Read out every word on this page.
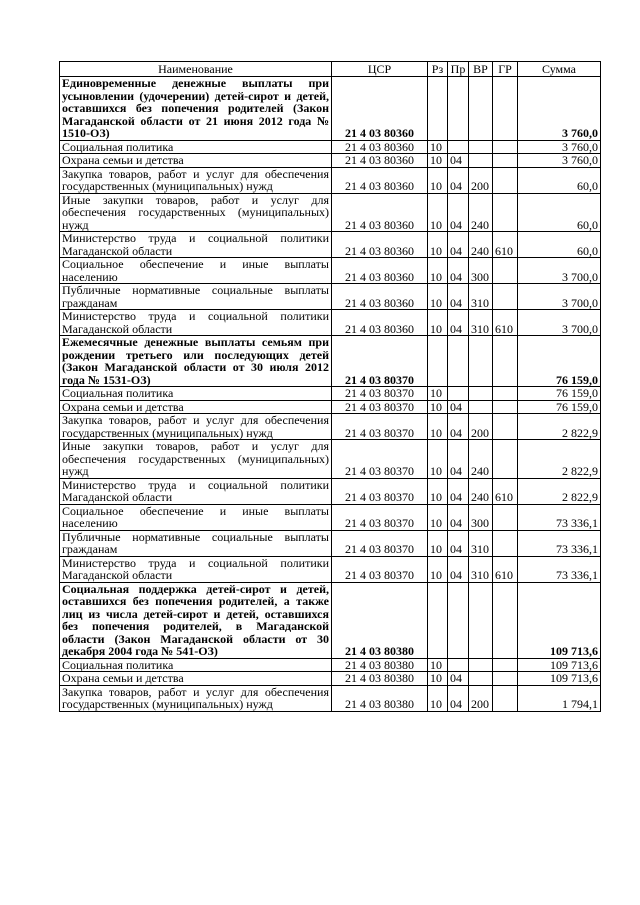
Наименование	ЦСР	Рз	Пр	ВР	ГР	Сумма
Единовременные денежные выплаты при усыновлении (удочерении) детей-сирот и детей, оставшихся без попечения родителей (Закон Магаданской области от 21 июня 2012 года № 1510-ОЗ)	21 4 03 80360					3 760,0
Социальная политика	21 4 03 80360	10				3 760,0
Охрана семьи и детства	21 4 03 80360	10	04			3 760,0
Закупка товаров, работ и услуг для обеспечения государственных (муниципальных) нужд	21 4 03 80360	10	04	200		60,0
Иные закупки товаров, работ и услуг для обеспечения государственных (муниципальных) нужд	21 4 03 80360	10	04	240		60,0
Министерство труда и социальной политики Магаданской области	21 4 03 80360	10	04	240	610	60,0
Социальное обеспечение и иные выплаты населению	21 4 03 80360	10	04	300		3 700,0
Публичные нормативные социальные выплаты гражданам	21 4 03 80360	10	04	310		3 700,0
Министерство труда и социальной политики Магаданской области	21 4 03 80360	10	04	310	610	3 700,0
Ежемесячные денежные выплаты семьям при рождении третьего или последующих детей (Закон Магаданской области от 30 июля 2012 года № 1531-ОЗ)	21 4 03 80370					76 159,0
Социальная политика	21 4 03 80370	10				76 159,0
Охрана семьи и детства	21 4 03 80370	10	04			76 159,0
Закупка товаров, работ и услуг для обеспечения государственных (муниципальных) нужд	21 4 03 80370	10	04	200		2 822,9
Иные закупки товаров, работ и услуг для обеспечения государственных (муниципальных) нужд	21 4 03 80370	10	04	240		2 822,9
Министерство труда и социальной политики Магаданской области	21 4 03 80370	10	04	240	610	2 822,9
Социальное обеспечение и иные выплаты населению	21 4 03 80370	10	04	300		73 336,1
Публичные нормативные социальные выплаты гражданам	21 4 03 80370	10	04	310		73 336,1
Министерство труда и социальной политики Магаданской области	21 4 03 80370	10	04	310	610	73 336,1
Социальная поддержка детей-сирот и детей, оставшихся без попечения родителей, а также лиц из числа детей-сирот и детей, оставшихся без попечения родителей, в Магаданской области (Закон Магаданской области от 30 декабря 2004 года № 541-ОЗ)	21 4 03 80380					109 713,6
Социальная политика	21 4 03 80380	10				109 713,6
Охрана семьи и детства	21 4 03 80380	10	04			109 713,6
Закупка товаров, работ и услуг для обеспечения государственных (муниципальных) нужд	21 4 03 80380	10	04	200		1 794,1
